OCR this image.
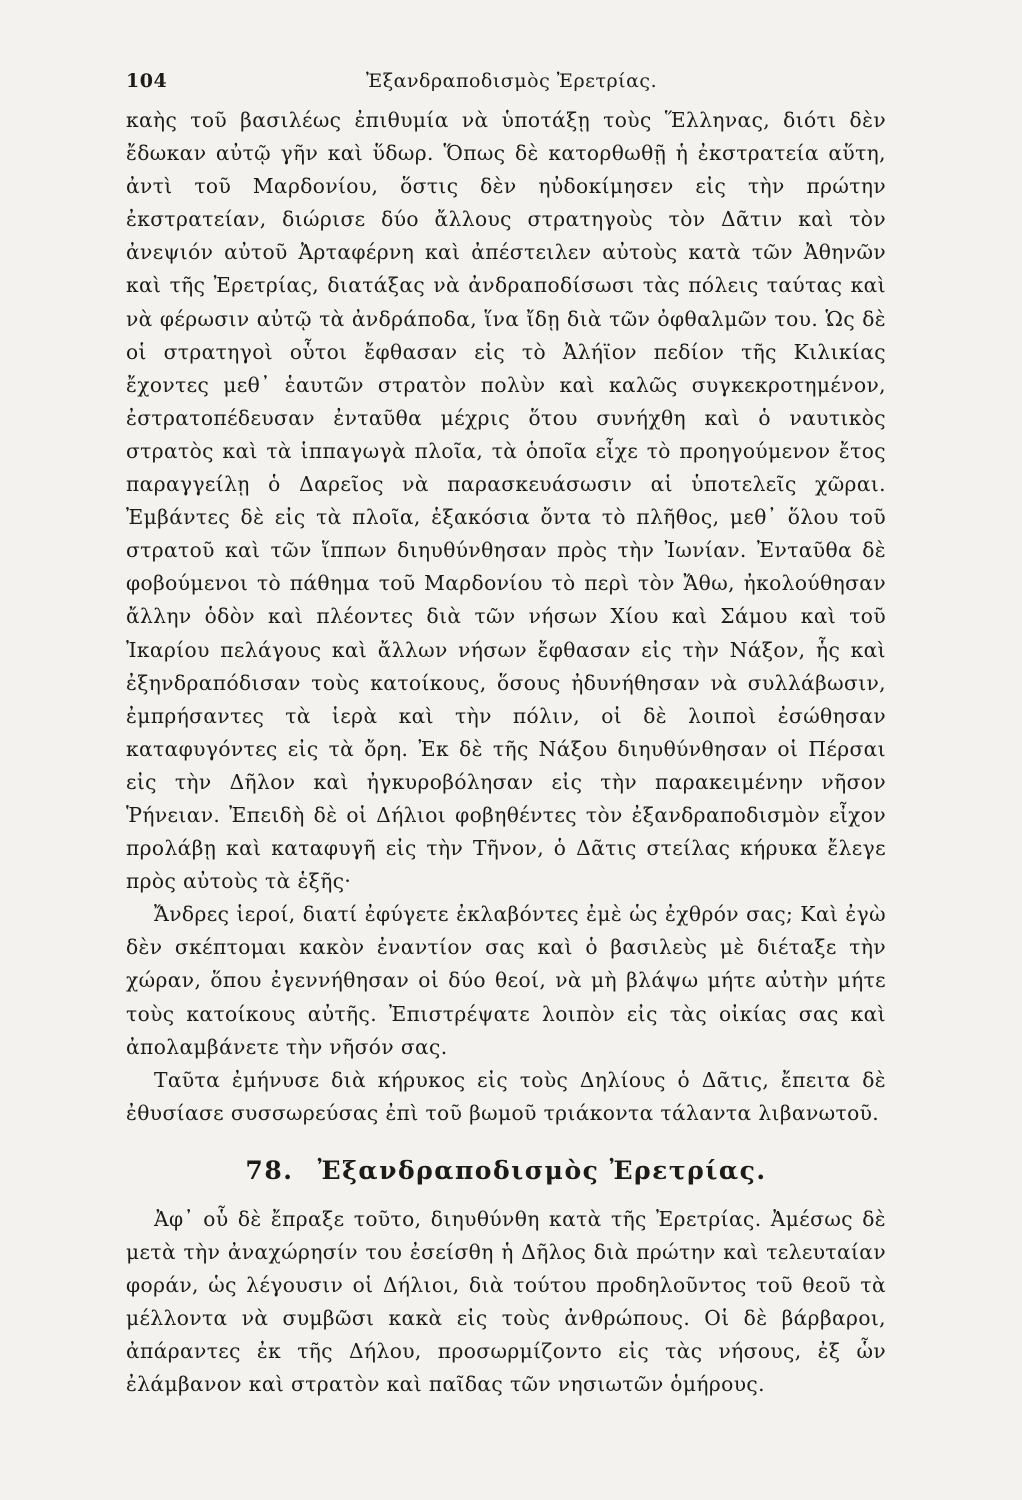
104	Ἐξανδραποδισμὸς Ἐρετρίας.

καὴς τοῦ βασιλέως ἐπιθυμία νὰ ὑποτάξῃ τοὺς Ἕλληνας, διότι δὲν ἔδωκαν αὐτῷ γῆν καὶ ὕδωρ. Ὅπως δὲ κατορθωθῇ ἡ ἐκστρατεία αὕτη, ἀντὶ τοῦ Μαρδονίου, ὅστις δὲν ηὐδοκίμησεν εἰς τὴν πρώτην ἐκστρατείαν, διώρισε δύο ἄλλους στρατηγοὺς τὸν Δᾶτιν καὶ τὸν ἀνεψιόν αὐτοῦ Ἀρταφέρνη καὶ ἀπέστειλεν αὐτοὺς κατὰ τῶν Ἀθηνῶν καὶ τῆς Ἐρετρίας, διατάξας νὰ ἀνδραποδίσωσι τὰς πόλεις ταύτας καὶ νὰ φέρωσιν αὐτῷ τὰ ἀνδράποδα, ἵνα ἴδῃ διὰ τῶν ὀφθαλμῶν του. Ὡς δὲ οἱ στρατηγοὶ οὗτοι ἔφθασαν εἰς τὸ Ἀλήϊον πεδίον τῆς Κιλικίας ἔχοντες μεθ᾽ ἑαυτῶν στρατὸν πολὺν καὶ καλῶς συγκεκροτημένον, ἐστρατοπέδευσαν ἐνταῦθα μέχρις ὅτου συνήχθη καὶ ὁ ναυτικὸς στρατὸς καὶ τὰ ἱππαγωγὰ πλοῖα, τὰ ὁποῖα εἶχε τὸ προηγούμενον ἔτος παραγγείλῃ ὁ Δαρεῖος νὰ παρασκευάσωσιν αἱ ὑποτελεῖς χῶραι. Ἐμβάντες δὲ εἰς τὰ πλοῖα, ἑξακόσια ὄντα τὸ πλῆθος, μεθ᾽ ὅλου τοῦ στρατοῦ καὶ τῶν ἵππων διηυθύνθησαν πρὸς τὴν Ἰωνίαν. Ἐνταῦθα δὲ φοβούμενοι τὸ πάθημα τοῦ Μαρδονίου τὸ περὶ τὸν Ἄθω, ἠκολούθησαν ἄλλην ὁδὸν καὶ πλέοντες διὰ τῶν νήσων Χίου καὶ Σάμου καὶ τοῦ Ἰκαρίου πελάγους καὶ ἄλλων νήσων ἔφθασαν εἰς τὴν Νάξον, ἧς καὶ ἐξηνδραπόδισαν τοὺς κατοίκους, ὅσους ἠδυνήθησαν νὰ συλλάβωσιν, ἐμπρήσαντες τὰ ἱερὰ καὶ τὴν πόλιν, οἱ δὲ λοιποὶ ἐσώθησαν καταφυγόντες εἰς τὰ ὄρη. Ἐκ δὲ τῆς Νάξου διηυθύνθησαν οἱ Πέρσαι εἰς τὴν Δῆλον καὶ ἠγκυροβόλησαν εἰς τὴν παρακειμένην νῆσον Ῥήνειαν. Ἐπειδὴ δὲ οἱ Δήλιοι φοβηθέντες τὸν ἐξανδραποδισμὸν εἶχον προλάβῃ καὶ καταφυγῆ εἰς τὴν Τῆνον, ὁ Δᾶτις στείλας κήρυκα ἔλεγε πρὸς αὐτοὺς τὰ ἑξῆς·

Ἄνδρες ἱεροί, διατί ἐφύγετε ἐκλαβόντες ἐμὲ ὡς ἐχθρόν σας; Καὶ ἐγὼ δὲν σκέπτομαι κακὸν ἐναντίον σας καὶ ὁ βασιλεὺς μὲ διέταξε τὴν χώραν, ὅπου ἐγεννήθησαν οἱ δύο θεοί, νὰ μὴ βλάψω μήτε αὐτὴν μήτε τοὺς κατοίκους αὐτῆς. Ἐπιστρέψατε λοιπὸν εἰς τὰς οἰκίας σας καὶ ἀπολαμβάνετε τὴν νῆσόν σας.

Ταῦτα ἐμήνυσε διὰ κήρυκος εἰς τοὺς Δηλίους ὁ Δᾶτις, ἔπειτα δὲ ἐθυσίασε συσσωρεύσας ἐπὶ τοῦ βωμοῦ τριάκοντα τάλαντα λιβανωτοῦ.

78. Ἐξανδραποδισμὸς Ἐρετρίας.

Ἀφ᾽ οὗ δὲ ἔπραξε τοῦτο, διηυθύνθη κατὰ τῆς Ἐρετρίας. Ἀμέσως δὲ μετὰ τὴν ἀναχώρησίν του ἐσείσθη ἡ Δῆλος διὰ πρώτην καὶ τελευταίαν φοράν, ὡς λέγουσιν οἱ Δήλιοι, διὰ τούτου προδηλοῦντος τοῦ θεοῦ τὰ μέλλοντα νὰ συμβῶσι κακὰ εἰς τοὺς ἀνθρώπους. Οἱ δὲ βάρβαροι, ἀπάραντες ἐκ τῆς Δήλου, προσωρμίζοντο εἰς τὰς νήσους, ἐξ ὧν ἐλάμβανον καὶ στρατὸν καὶ παῖδας τῶν νησιωτῶν ὁμήρους.
